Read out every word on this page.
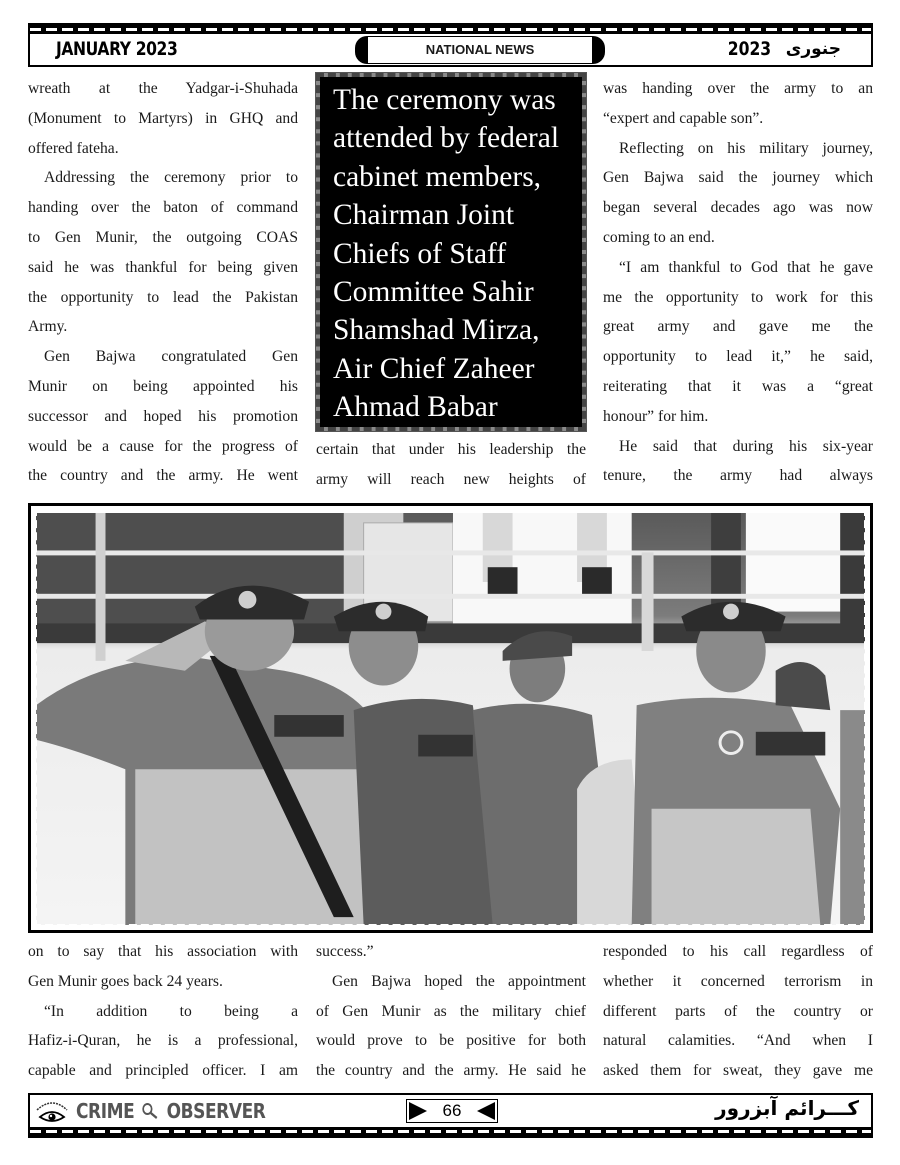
JANUARY 2023	NATIONAL NEWS	2023 جنوری
wreath at the Yadgar-i-Shuhada
(Monument to Martyrs) in GHQ and
offered fateha.
Addressing the ceremony prior to
handing over the baton of command
to Gen Munir, the outgoing COAS
said he was thankful for being given
the opportunity to lead the Pakistan
Army.
Gen Bajwa congratulated Gen
Munir on being appointed his
successor and hoped his promotion
would be a cause for the progress of
the country and the army. He went
The ceremony was
attended by federal
cabinet members,
Chairman Joint
Chiefs of Staff
Committee Sahir
Shamshad Mirza,
Air Chief Zaheer
Ahmad Babar
certain that under his leadership the
army will reach new heights of
was handing over the army to an
“expert and capable son”.
Reflecting on his military journey,
Gen Bajwa said the journey which
began several decades ago was now
coming to an end.
“I am thankful to God that he gave
me the opportunity to work for this
great army and gave me the
opportunity to lead it,” he said,
reiterating that it was a “great
honour” for him.
He said that during his six-year
tenure, the army had always
on to say that his association with
Gen Munir goes back 24 years.
“In addition to being a
Hafiz-i-Quran, he is a professional,
capable and principled officer. I am
success.”
Gen Bajwa hoped the appointment
of Gen Munir as the military chief
would prove to be positive for both
the country and the army. He said he
responded to his call regardless of
whether it concerned terrorism in
different parts of the country or
natural calamities. “And when I
asked them for sweat, they gave me
CRIME OBSERVER	66	کـــرائم آبزرور
